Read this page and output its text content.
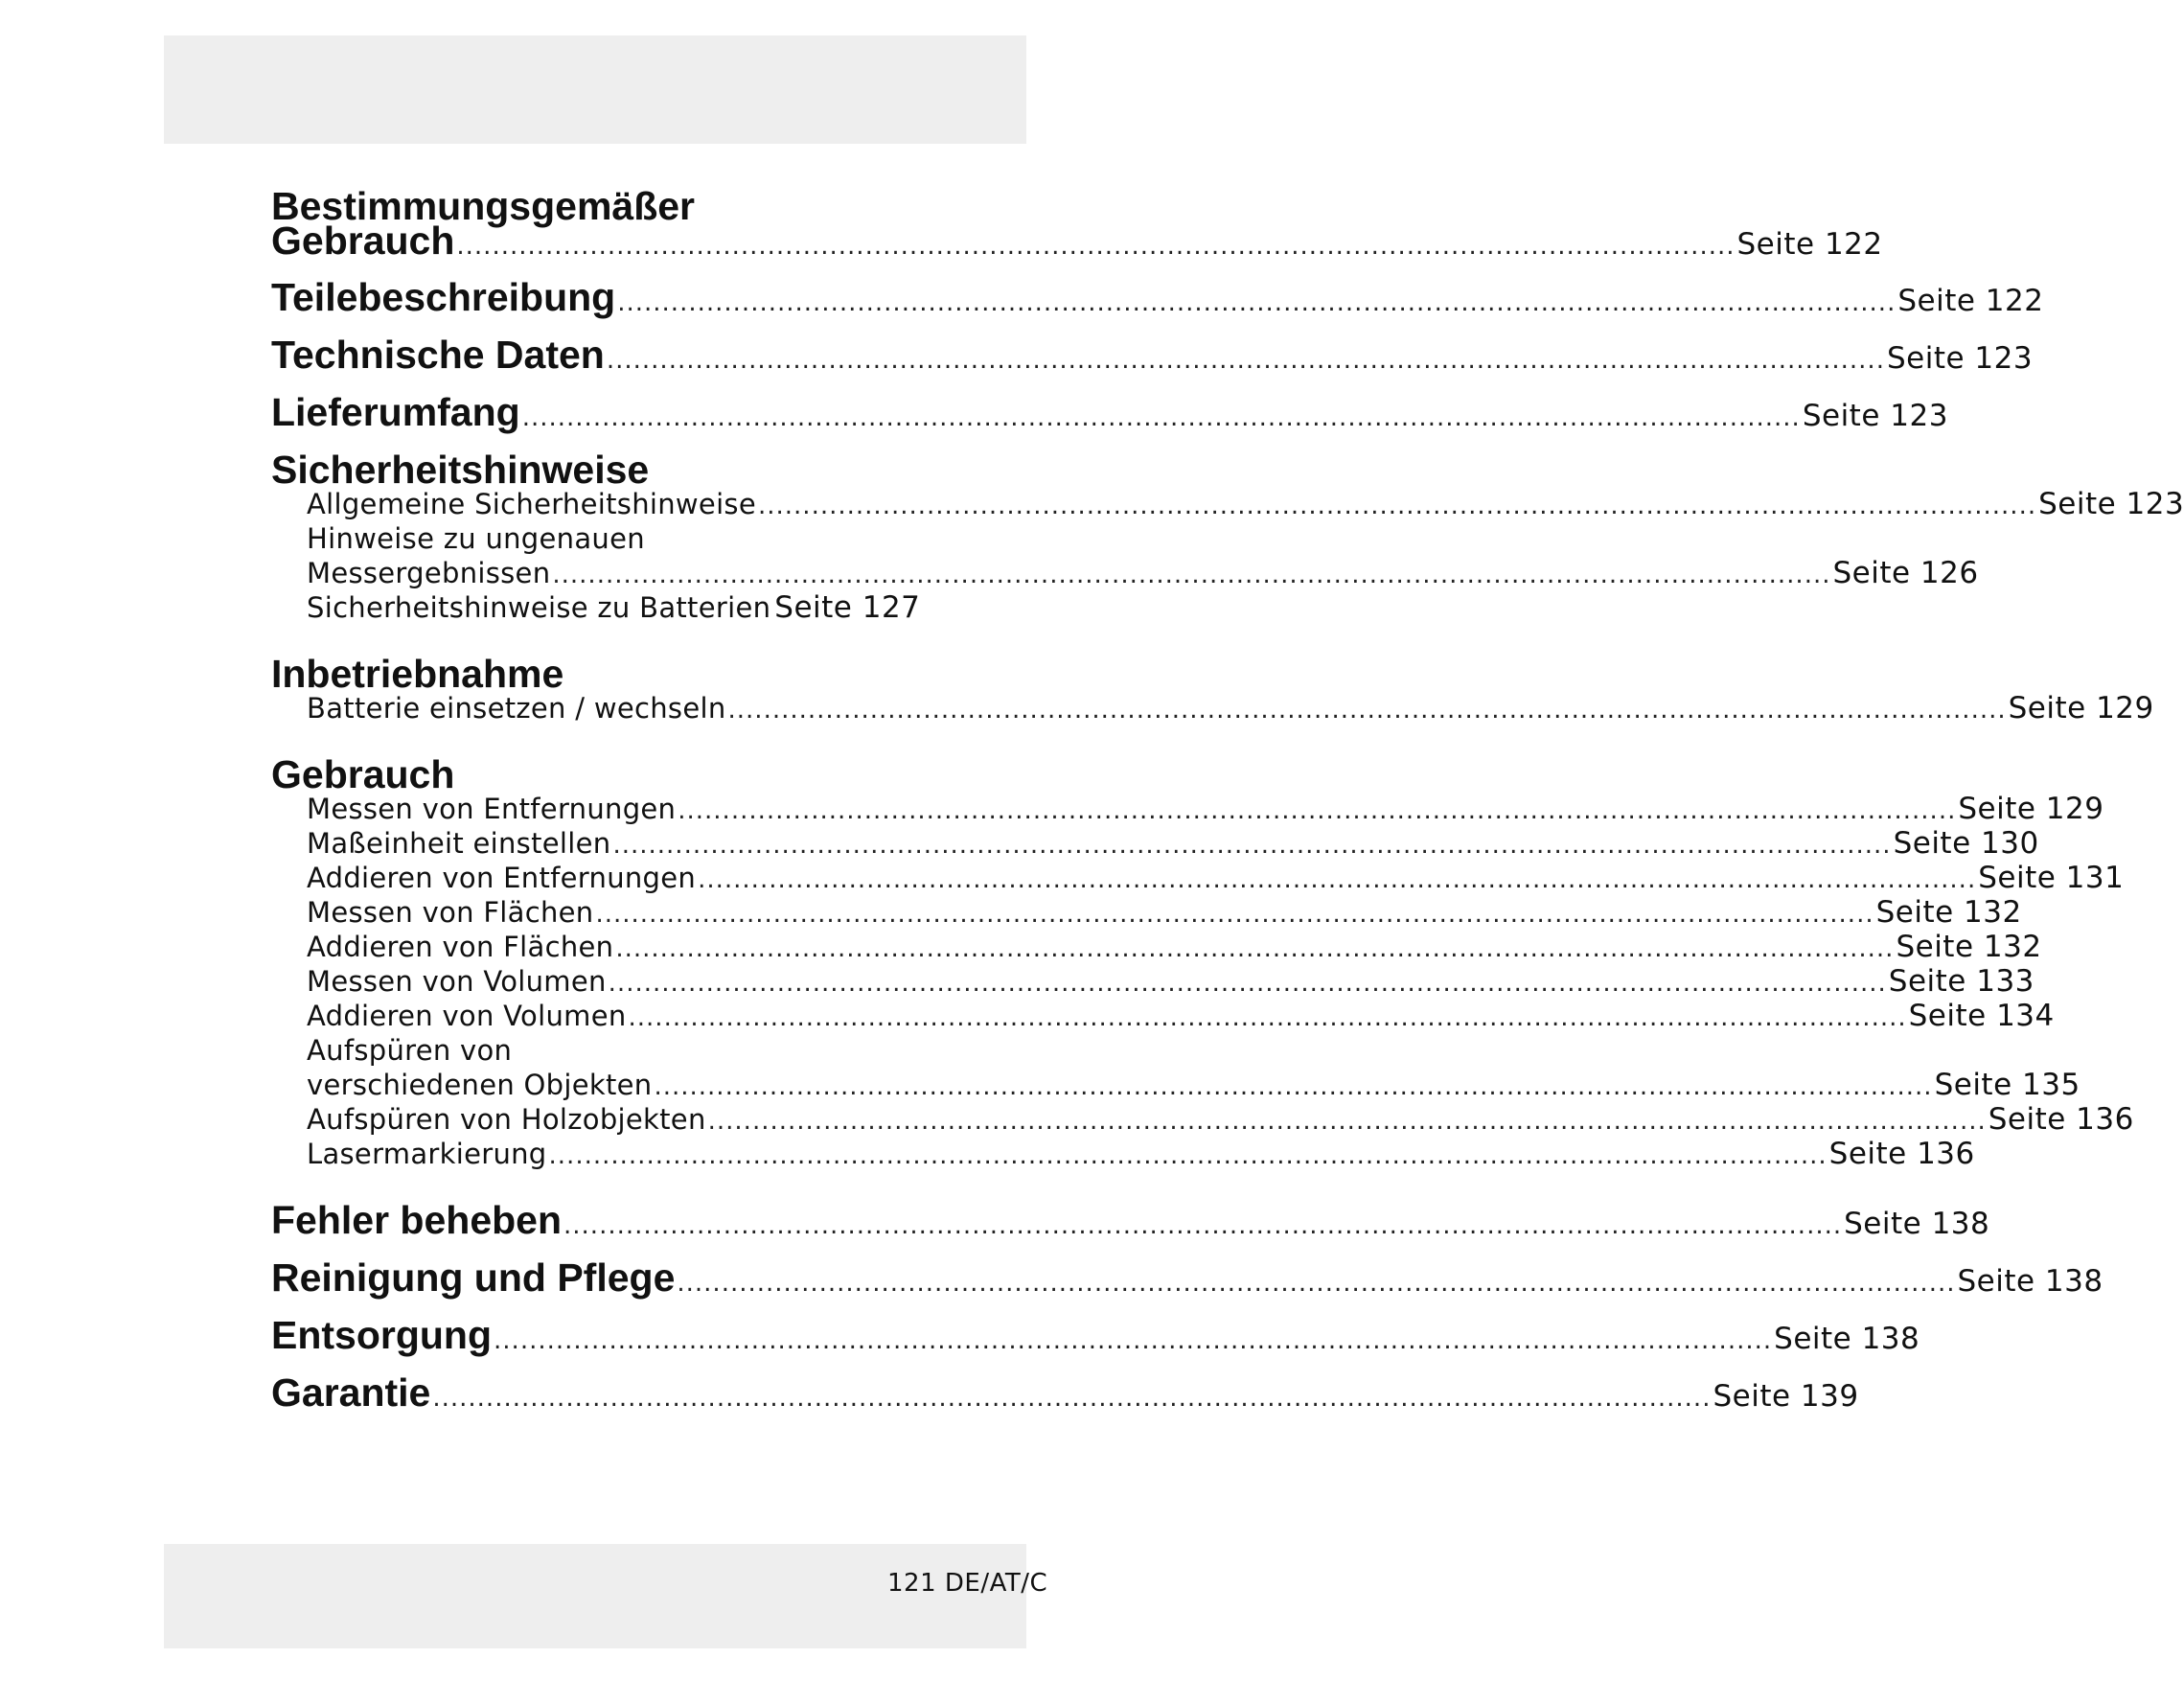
Bestimmungsgemäßer
Gebrauch .....	Seite 122
Teilebeschreibung .....	Seite 122
Technische Daten .....	Seite 123
Lieferumfang .....	Seite 123
Sicherheitshinweise
Allgemeine Sicherheitshinweise .....	Seite 123
Hinweise zu ungenauen
Messergebnissen .....	Seite 126
Sicherheitshinweise zu Batterien Seite 127
Inbetriebnahme
Batterie einsetzen / wechseln .....	Seite 129
Gebrauch
Messen von Entfernungen .....	Seite 129
Maßeinheit einstellen .....	Seite 130
Addieren von Entfernungen .....	Seite 131
Messen von Flächen .....	Seite 132
Addieren von Flächen .....	Seite 132
Messen von Volumen .....	Seite 133
Addieren von Volumen .....	Seite 134
Aufspüren von
verschiedenen Objekten .....	Seite 135
Aufspüren von Holzobjekten .....	Seite 136
Lasermarkierung .....	Seite 136
Fehler beheben .....	Seite 138
Reinigung und Pflege .....	Seite 138
Entsorgung .....	Seite 138
Garantie .....	Seite 139
121 DE/AT/C
